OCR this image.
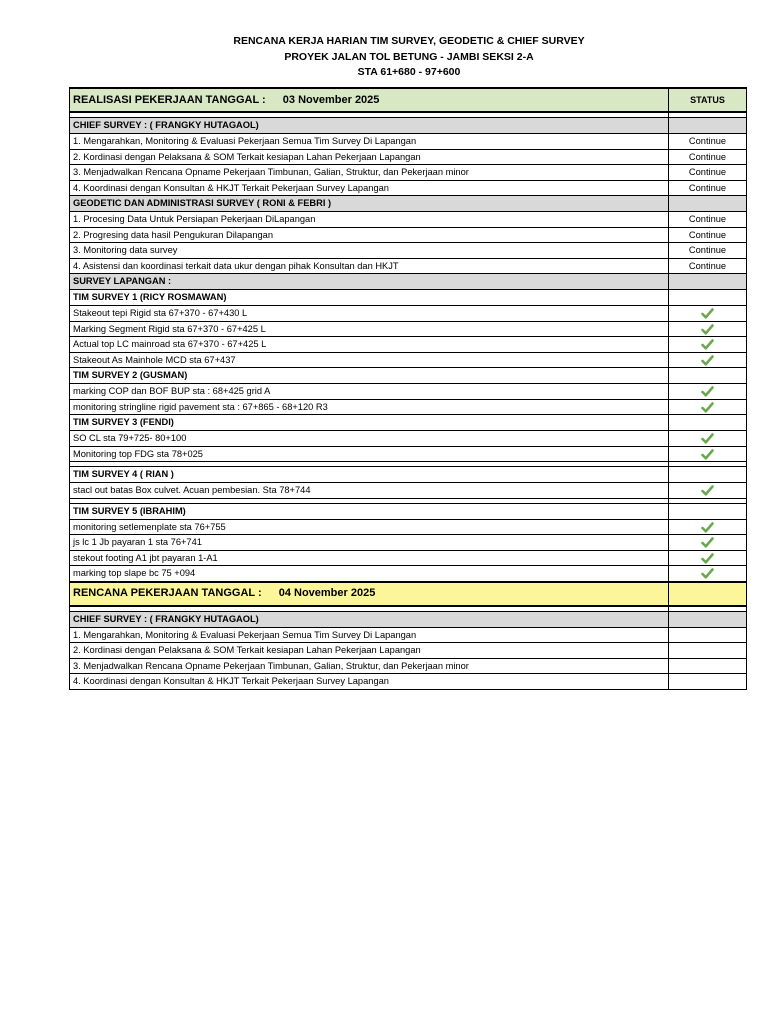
RENCANA KERJA HARIAN TIM SURVEY, GEODETIC & CHIEF SURVEY
PROYEK JALAN TOL BETUNG - JAMBI SEKSI 2-A
STA 61+680 - 97+600
REALISASI PEKERJAAN TANGGAL : 03 November 2025	STATUS

CHIEF SURVEY : ( FRANGKY HUTAGAOL)	
1. Mengarahkan, Monitoring & Evaluasi Pekerjaan Semua Tim Survey Di Lapangan	Continue
2. Kordinasi dengan Pelaksana & SOM Terkait kesiapan Lahan Pekerjaan Lapangan	Continue
3. Menjadwalkan Rencana Opname Pekerjaan Timbunan, Galian, Struktur, dan Pekerjaan minor	Continue
4. Koordinasi dengan Konsultan & HKJT Terkait Pekerjaan Survey Lapangan	Continue
GEODETIC DAN ADMINISTRASI SURVEY ( RONI & FEBRI )	
1. Procesing Data Untuk Persiapan Pekerjaan DiLapangan	Continue
2. Progresing data hasil Pengukuran Dilapangan	Continue
3. Monitoring data survey	Continue
4. Asistensi dan koordinasi terkait data ukur dengan pihak Konsultan dan HKJT	Continue
SURVEY LAPANGAN :	
TIM SURVEY 1 (RICY ROSMAWAN)	
Stakeout tepi Rigid sta 67+370 - 67+430 L	
Marking Segment Rigid sta 67+370 - 67+425 L	
Actual top LC mainroad sta 67+370 - 67+425 L	
Stakeout As Mainhole MCD sta 67+437	
TIM SURVEY 2 (GUSMAN)	
marking COP dan BOF BUP sta : 68+425 grid A	
monitoring stringline rigid pavement sta : 67+865 - 68+120 R3	
TIM SURVEY 3 (FENDI)	
SO CL sta 79+725- 80+100	
Monitoring top FDG sta 78+025	

TIM SURVEY 4 ( RIAN )	
stacl out batas Box culvet. Acuan pembesian. Sta 78+744	

TIM SURVEY 5 (IBRAHIM)	
monitoring setlemenplate sta 76+755	
js lc 1 Jb payaran 1 sta 76+741	
stekout footing A1 jbt payaran 1-A1	
marking top slape bc 75 +094	
RENCANA PEKERJAAN TANGGAL : 04 November 2025	

CHIEF SURVEY : ( FRANGKY HUTAGAOL)	
1. Mengarahkan, Monitoring & Evaluasi Pekerjaan Semua Tim Survey Di Lapangan	
2. Kordinasi dengan Pelaksana & SOM Terkait kesiapan Lahan Pekerjaan Lapangan	
3. Menjadwalkan Rencana Opname Pekerjaan Timbunan, Galian, Struktur, dan Pekerjaan minor	
4. Koordinasi dengan Konsultan & HKJT Terkait Pekerjaan Survey Lapangan	
